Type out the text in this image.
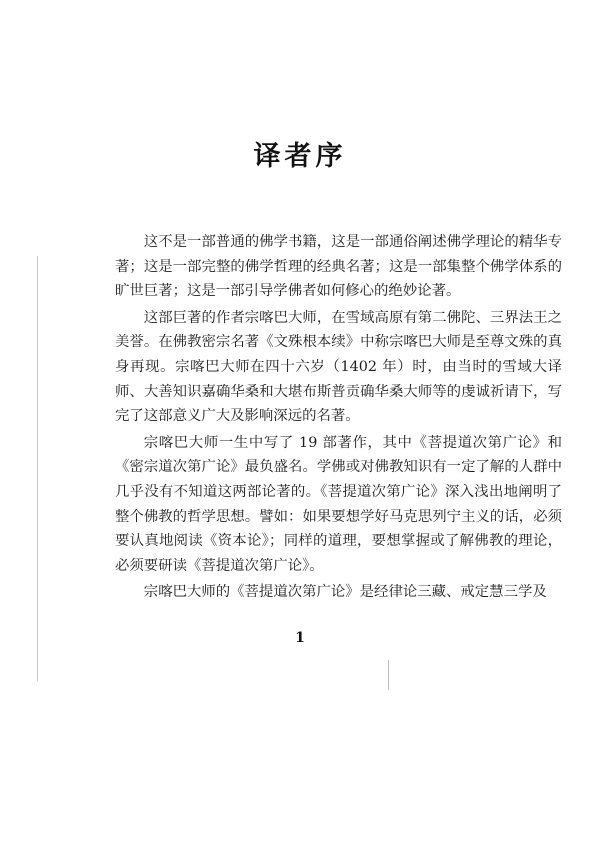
译者序

这不是一部普通的佛学书籍，这是一部通俗阐述佛学理论的精华专著；这是一部完整的佛学哲理的经典名著；这是一部集整个佛学体系的旷世巨著；这是一部引导学佛者如何修心的绝妙论著。

这部巨著的作者宗喀巴大师，在雪域高原有第二佛陀、三界法王之美誉。在佛教密宗名著《文殊根本续》中称宗喀巴大师是至尊文殊的真身再现。宗喀巴大师在四十六岁（1402 年）时，由当时的雪域大译师、大善知识嘉确华桑和大堪布斯普贡确华桑大师等的虔诚祈请下，写完了这部意义广大及影响深远的名著。

宗喀巴大师一生中写了 19 部著作，其中《菩提道次第广论》和《密宗道次第广论》最负盛名。学佛或对佛教知识有一定了解的人群中几乎没有不知道这两部论著的。《菩提道次第广论》深入浅出地阐明了整个佛教的哲学思想。譬如：如果要想学好马克思列宁主义的话，必须要认真地阅读《资本论》；同样的道理，要想掌握或了解佛教的理论，必须要研读《菩提道次第广论》。

宗喀巴大师的《菩提道次第广论》是经律论三藏、戒定慧三学及

1
